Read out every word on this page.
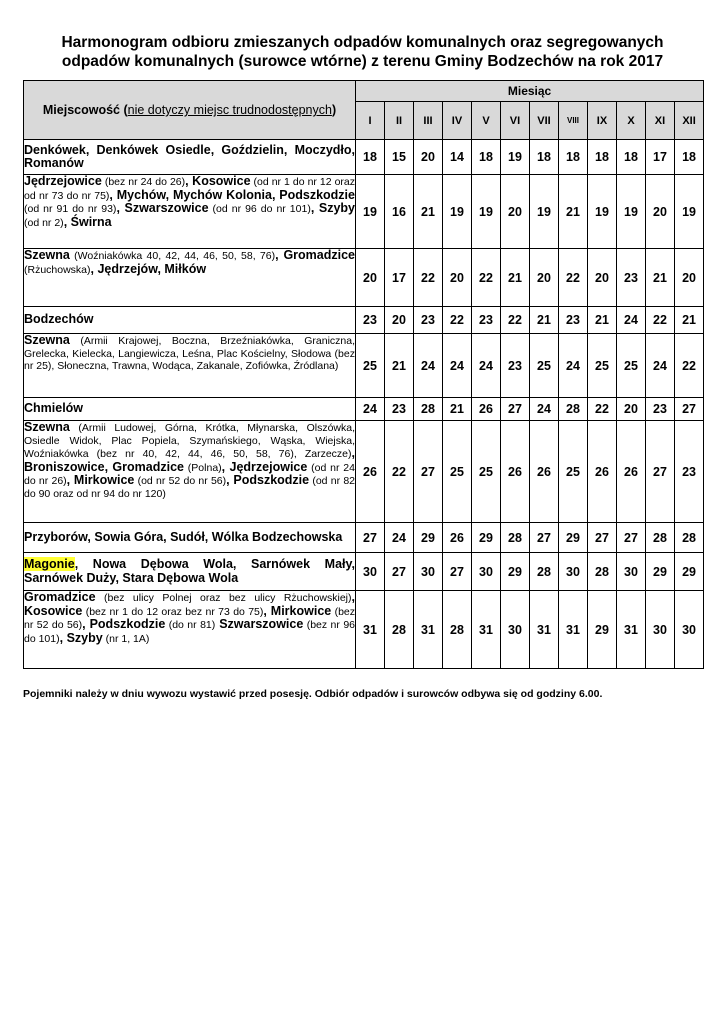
Harmonogram odbioru zmieszanych odpadów komunalnych oraz segregowanych
odpadów komunalnych (surowce wtórne) z terenu Gminy Bodzechów na rok 2017
Miejscowość (nie dotyczy miejsc trudnodostępnych)	Miesiąc											
	I	II	III	IV	V	VI	VII	VIII	IX	X	XI	XII
Denkówek, Denkówek Osiedle, Goździelin, Moczydło, Romanów	18	15	20	14	18	19	18	18	18	18	17	18
Jędrzejowice (bez nr 24 do 26), Kosowice (od nr 1 do nr 12 oraz od nr 73 do nr 75), Mychów, Mychów Kolonia, Podszkodzie (od nr 91 do nr 93), Szwarszowice (od nr 96 do nr 101), Szyby (od nr 2), Świrna	19	16	21	19	19	20	19	21	19	19	20	19
Szewna (Woźniakówka 40, 42, 44, 46, 50, 58, 76), Gromadzice (Rżuchowska), Jędrzejów, Miłków	20	17	22	20	22	21	20	22	20	23	21	20
Bodzechów	23	20	23	22	23	22	21	23	21	24	22	21
Szewna (Armii Krajowej, Boczna, Brzeźniakówka, Graniczna, Grelecka, Kielecka, Langiewicza, Leśna, Plac Kościelny, Słodowa (bez nr 25), Słoneczna, Trawna, Wodąca, Zakanale, Zofiówka, Źródlana)	25	21	24	24	24	23	25	24	25	25	24	22
Chmielów	24	23	28	21	26	27	24	28	22	20	23	27
Szewna (Armii Ludowej, Górna, Krótka, Młynarska, Olszówka, Osiedle Widok, Plac Popiela, Szymańskiego, Wąska, Wiejska, Woźniakówka (bez nr 40, 42, 44, 46, 50, 58, 76), Zarzecze), Broniszowice, Gromadzice (Polna), Jędrzejowice (od nr 24 do nr 26), Mirkowice (od nr 52 do nr 56), Podszkodzie (od nr 82 do 90 oraz od nr 94 do nr 120)	26	22	27	25	25	26	26	25	26	26	27	23
Przyborów, Sowia Góra, Sudół, Wólka Bodzechowska	27	24	29	26	29	28	27	29	27	27	28	28
Magonie, Nowa Dębowa Wola, Sarnówek Mały, Sarnówek Duży, Stara Dębowa Wola	30	27	30	27	30	29	28	30	28	30	29	29
Gromadzice (bez ulicy Polnej oraz bez ulicy Rżuchowskiej), Kosowice (bez nr 1 do 12 oraz bez nr 73 do 75), Mirkowice (bez nr 52 do 56), Podszkodzie (do nr 81) Szwarszowice (bez nr 96 do 101), Szyby (nr 1, 1A)	31	28	31	28	31	30	31	31	29	31	30	30

Pojemniki należy w dniu wywozu wystawić przed posesję. Odbiór odpadów i surowców odbywa się od godziny 6.00.
